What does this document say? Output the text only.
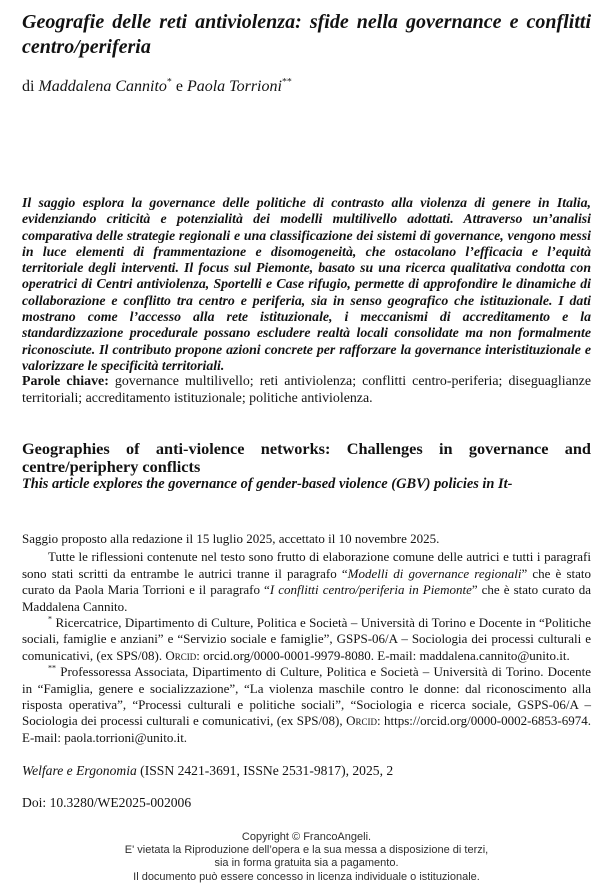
Geografie delle reti antiviolenza: sfide nella governance e conflitti centro/periferia

di Maddalena Cannito* e Paola Torrioni**

Il saggio esplora la governance delle politiche di contrasto alla violenza di genere in Italia, evidenziando criticità e potenzialità dei modelli multilivello adottati. Attraverso un’analisi comparativa delle strategie regionali e una classificazione dei sistemi di governance, vengono messi in luce elementi di frammentazione e disomogeneità, che ostacolano l’efficacia e l’equità territoriale degli interventi. Il focus sul Piemonte, basato su una ricerca qualitativa condotta con operatrici di Centri antiviolenza, Sportelli e Case rifugio, permette di approfondire le dinamiche di collaborazione e conflitto tra centro e periferia, sia in senso geografico che istituzionale. I dati mostrano come l’accesso alla rete istituzionale, i meccanismi di accreditamento e la standardizzazione procedurale possano escludere realtà locali consolidate ma non formalmente riconosciute. Il contributo propone azioni concrete per rafforzare la governance interistituzionale e valorizzare le specificità territoriali.

Parole chiave: governance multilivello; reti antiviolenza; conflitti centro-periferia; diseguaglianze territoriali; accreditamento istituzionale; politiche antiviolenza.

Geographies of anti-violence networks: Challenges in governance and centre/periphery conflicts

This article explores the governance of gender-based violence (GBV) policies in It-

Saggio proposto alla redazione il 15 luglio 2025, accettato il 10 novembre 2025.

Tutte le riflessioni contenute nel testo sono frutto di elaborazione comune delle autrici e tutti i paragrafi sono stati scritti da entrambe le autrici tranne il paragrafo “Modelli di governance regionali” che è stato curato da Paola Maria Torrioni e il paragrafo “I conflitti centro/periferia in Piemonte” che è stato curato da Maddalena Cannito.

* Ricercatrice, Dipartimento di Culture, Politica e Società – Università di Torino e Docente in “Politiche sociali, famiglie e anziani” e “Servizio sociale e famiglie”, GSPS-06/A – Sociologia dei processi culturali e comunicativi, (ex SPS/08). Orcid: orcid.org/0000-0001-9979-8080. E-mail: maddalena.cannito@unito.it.

** Professoressa Associata, Dipartimento di Culture, Politica e Società – Università di Torino. Docente in “Famiglia, genere e socializzazione”, “La violenza maschile contro le donne: dal riconoscimento alla risposta operativa”, “Processi culturali e politiche sociali”, “Sociologia e ricerca sociale, GSPS-06/A – Sociologia dei processi culturali e comunicativi, (ex SPS/08), Orcid: https://orcid.org/0000-0002-6853-6974. E-mail: paola.torrioni@unito.it.

Welfare e Ergonomia (ISSN 2421-3691, ISSNe 2531-9817), 2025, 2

Doi: 10.3280/WE2025-002006

Copyright © FrancoAngeli.
E' vietata la Riproduzione dell’opera e la sua messa a disposizione di terzi,
sia in forma gratuita sia a pagamento.
Il documento può essere concesso in licenza individuale o istituzionale.
